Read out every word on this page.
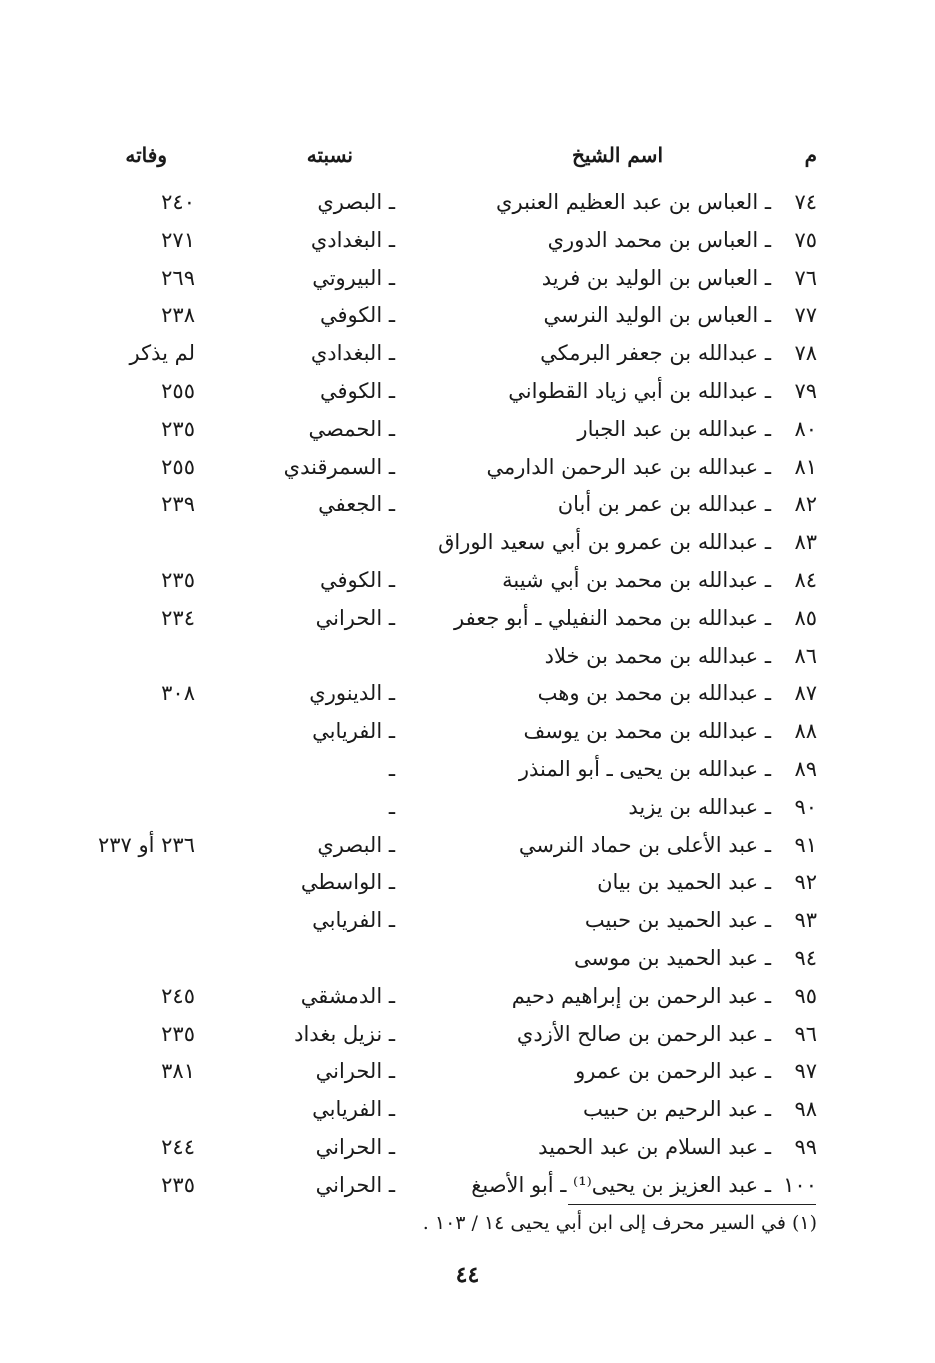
م
اسم الشيخ
نسبته
وفاته
٧٤
ـ العباس بن عبد العظيم العنبري
ـ البصري
٢٤٠
٧٥
ـ العباس بن محمد الدوري
ـ البغدادي
٢٧١
٧٦
ـ العباس بن الوليد بن فريد
ـ البيروتي
٢٦٩
٧٧
ـ العباس بن الوليد النرسي
ـ الكوفي
٢٣٨
٧٨
ـ عبدالله بن جعفر البرمكي
ـ البغدادي
لم يذكر
٧٩
ـ عبدالله بن أبي زياد القطواني
ـ الكوفي
٢٥٥
٨٠
ـ عبدالله بن عبد الجبار
ـ الحمصي
٢٣٥
٨١
ـ عبدالله بن عبد الرحمن الدارمي
ـ السمرقندي
٢٥٥
٨٢
ـ عبدالله بن عمر بن أبان
ـ الجعفي
٢٣٩
٨٣
ـ عبدالله بن عمرو بن أبي سعيد الوراق
٨٤
ـ عبدالله بن محمد بن أبي شيبة
ـ الكوفي
٢٣٥
٨٥
ـ عبدالله بن محمد النفيلي ـ أبو جعفر
ـ الحراني
٢٣٤
٨٦
ـ عبدالله بن محمد بن خلاد
٨٧
ـ عبدالله بن محمد بن وهب
ـ الدينوري
٣٠٨
٨٨
ـ عبدالله بن محمد بن يوسف
ـ الفريابي
٨٩
ـ عبدالله بن يحيى ـ أبو المنذر
ـ
٩٠
ـ عبدالله بن يزيد
ـ
٩١
ـ عبد الأعلى بن حماد النرسي
ـ البصري
٢٣٦ أو ٢٣٧
٩٢
ـ عبد الحميد بن بيان
ـ الواسطي
٩٣
ـ عبد الحميد بن حبيب
ـ الفريابي
٩٤
ـ عبد الحميد بن موسى
٩٥
ـ عبد الرحمن بن إبراهيم دحيم
ـ الدمشقي
٢٤٥
٩٦
ـ عبد الرحمن بن صالح الأزدي
ـ نزيل بغداد
٢٣٥
٩٧
ـ عبد الرحمن بن عمرو
ـ الحراني
٣٨١
٩٨
ـ عبد الرحيم بن حبيب
ـ الفريابي
٩٩
ـ عبد السلام بن عبد الحميد
ـ الحراني
٢٤٤
١٠٠
ـ عبد العزيز بن يحيى⁽¹⁾ ـ أبو الأصبغ
ـ الحراني
٢٣٥
(١) في السير محرف إلى ابن أبي يحيى ١٤ / ١٠٣ .
٤٤
